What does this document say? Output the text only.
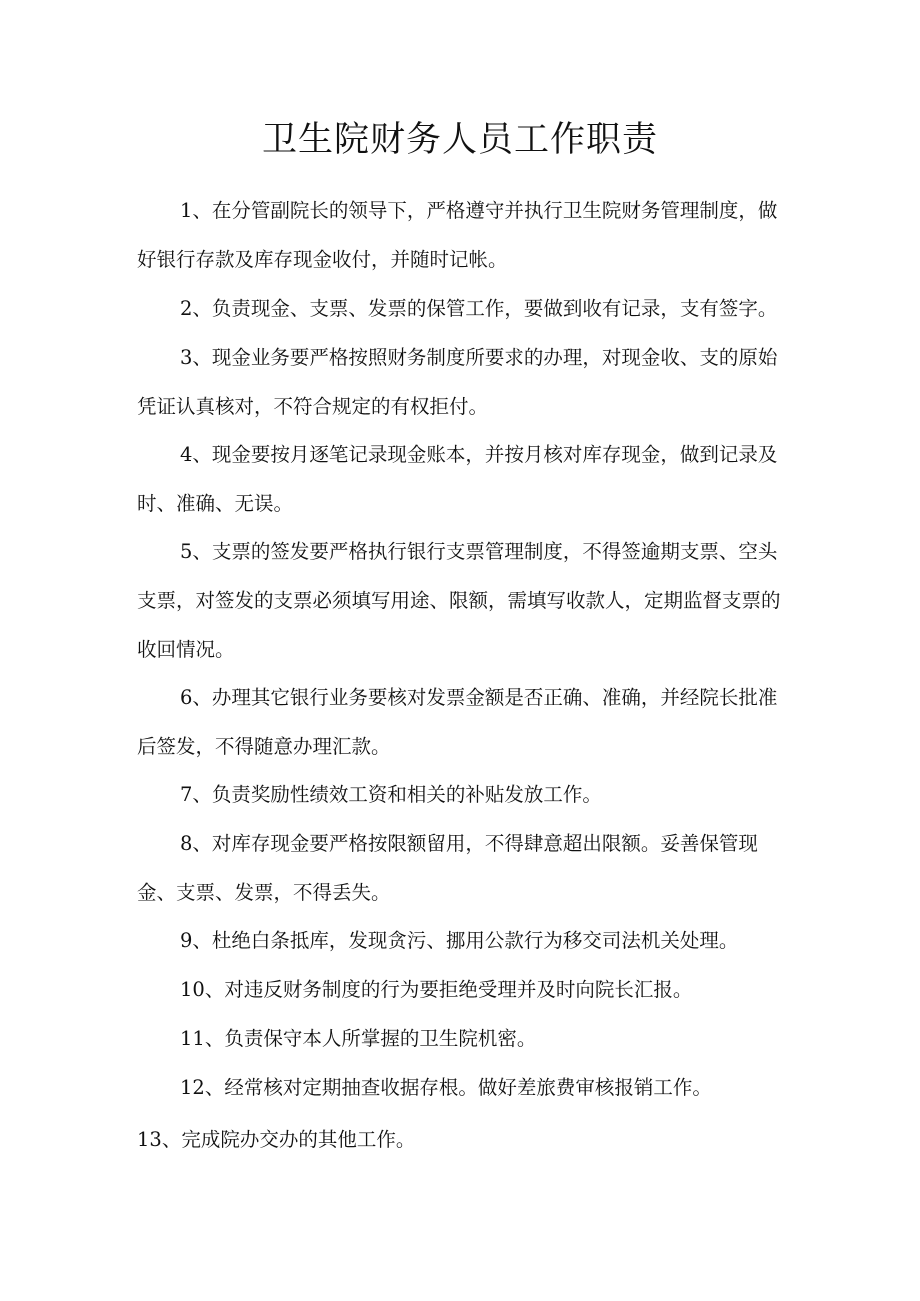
卫生院财务人员工作职责

1、在分管副院长的领导下，严格遵守并执行卫生院财务管理制度，做好银行存款及库存现金收付，并随时记帐。

2、负责现金、支票、发票的保管工作，要做到收有记录，支有签字。

3、现金业务要严格按照财务制度所要求的办理，对现金收、支的原始凭证认真核对，不符合规定的有权拒付。

4、现金要按月逐笔记录现金账本，并按月核对库存现金，做到记录及时、准确、无误。

5、支票的签发要严格执行银行支票管理制度，不得签逾期支票、空头支票，对签发的支票必须填写用途、限额，需填写收款人，定期监督支票的收回情况。

6、办理其它银行业务要核对发票金额是否正确、准确，并经院长批准后签发，不得随意办理汇款。

7、负责奖励性绩效工资和相关的补贴发放工作。

8、对库存现金要严格按限额留用，不得肆意超出限额。妥善保管现金、支票、发票，不得丢失。

9、杜绝白条抵库，发现贪污、挪用公款行为移交司法机关处理。

10、对违反财务制度的行为要拒绝受理并及时向院长汇报。

11、负责保守本人所掌握的卫生院机密。

12、经常核对定期抽查收据存根。做好差旅费审核报销工作。

13、完成院办交办的其他工作。
